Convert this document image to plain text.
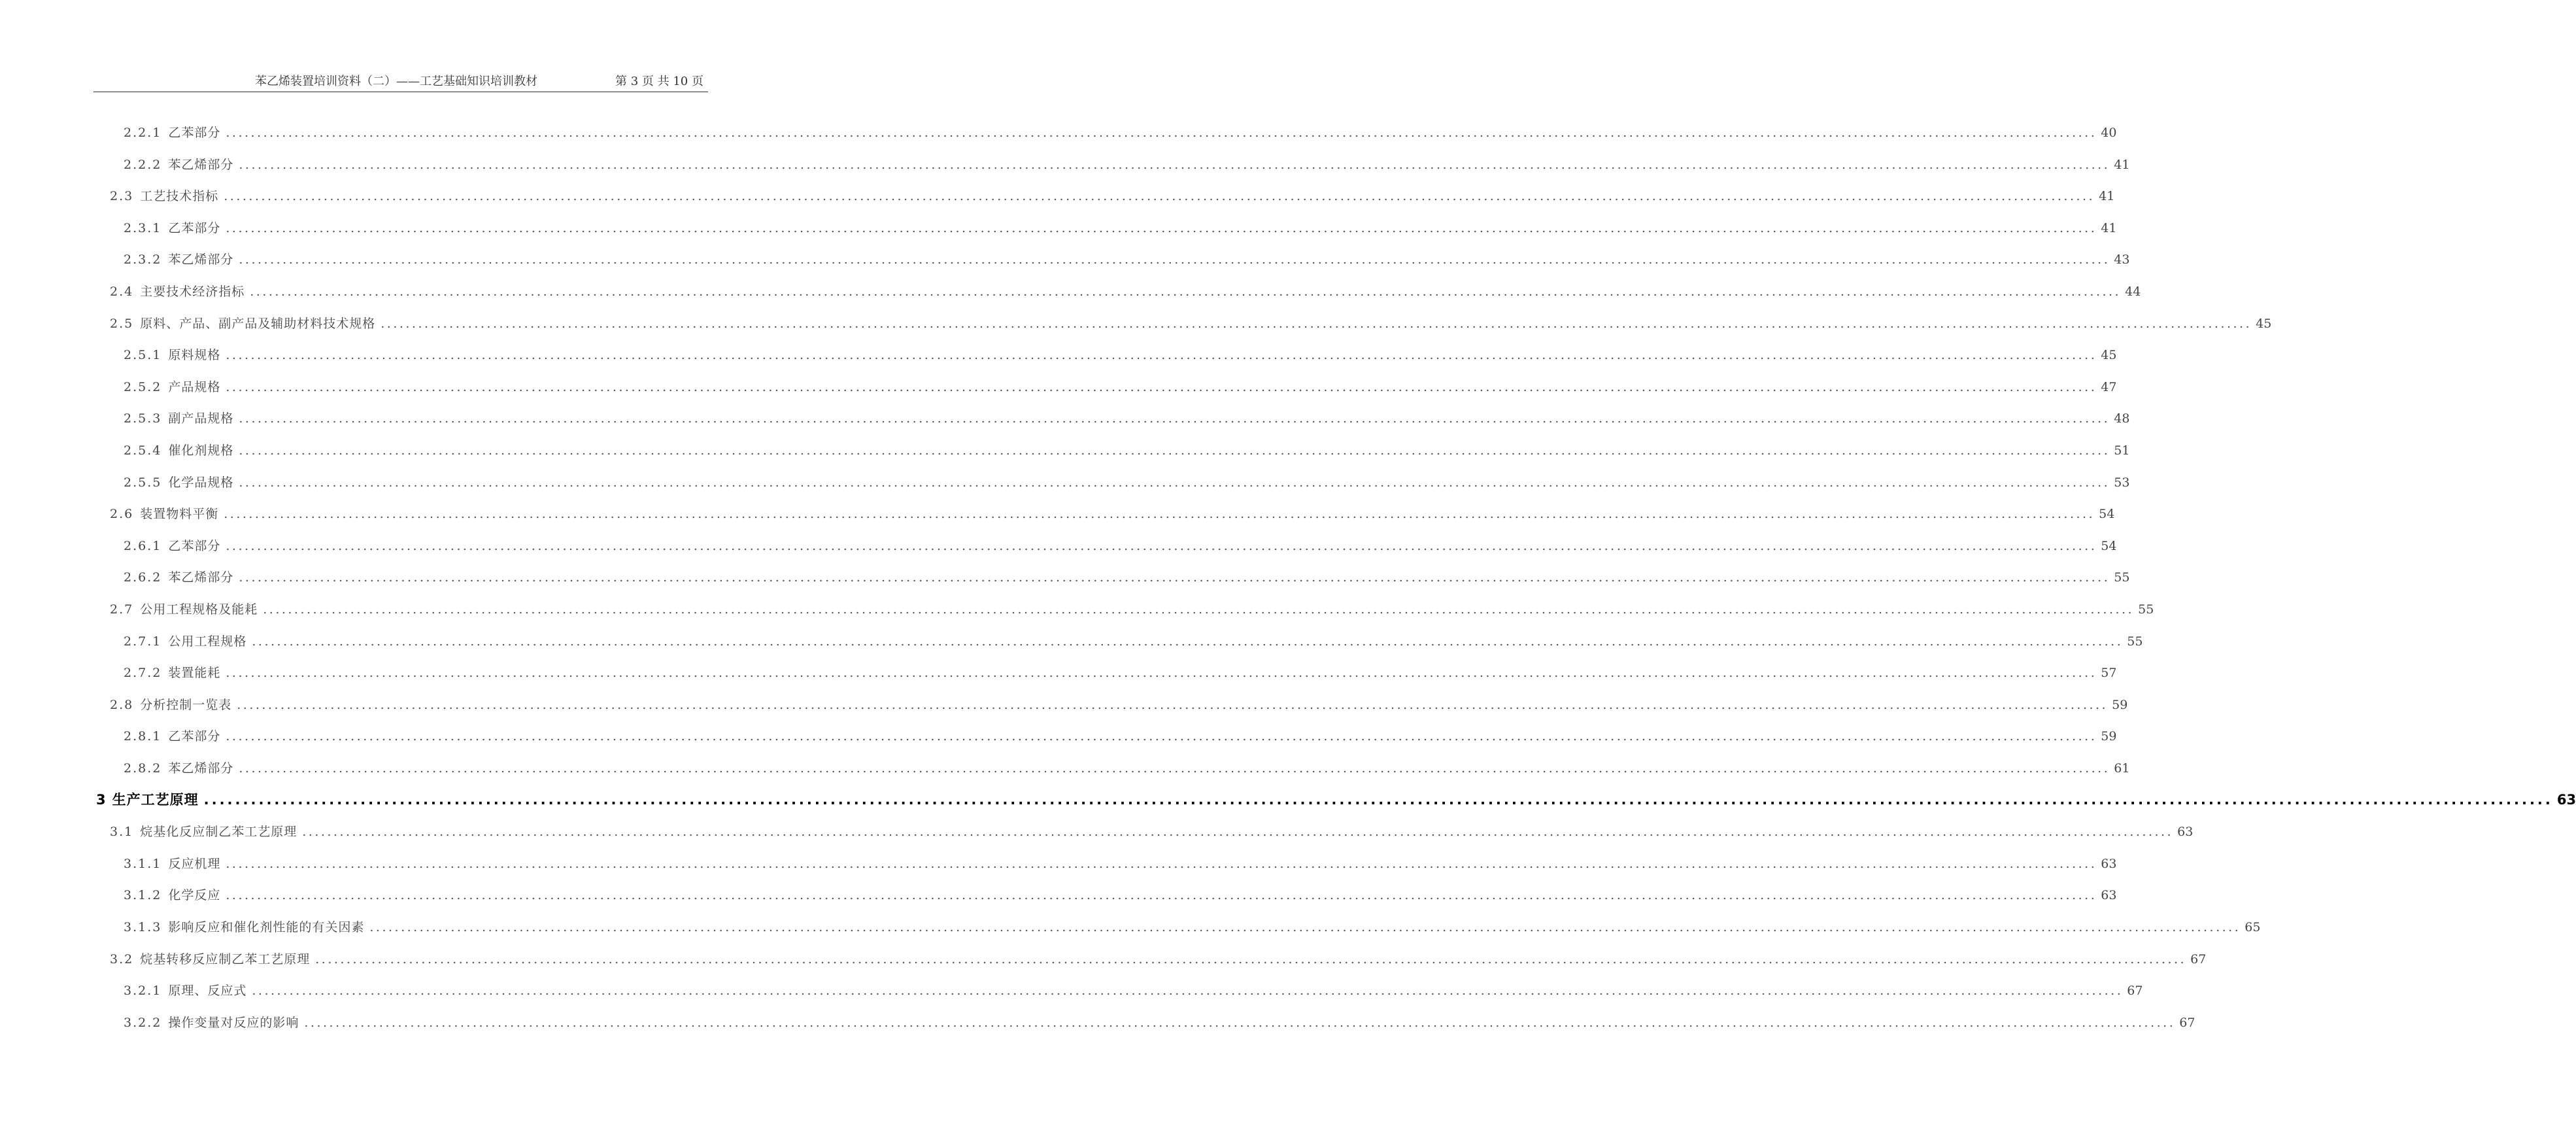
苯乙烯装置培训资料（二）——工艺基础知识培训教材	第 3 页 共 10 页
2.2.1 乙苯部分 ............................................................................................................................................................................................................................................................................................................ 40
2.2.2 苯乙烯部分 ............................................................................................................................................................................................................................................................................................................ 41
2.3 工艺技术指标 ............................................................................................................................................................................................................................................................................................................ 41
2.3.1 乙苯部分 ............................................................................................................................................................................................................................................................................................................ 41
2.3.2 苯乙烯部分 ............................................................................................................................................................................................................................................................................................................ 43
2.4 主要技术经济指标 ............................................................................................................................................................................................................................................................................................................ 44
2.5 原料、产品、副产品及辅助材料技术规格 ............................................................................................................................................................................................................................................................................................................ 45
2.5.1 原料规格 ............................................................................................................................................................................................................................................................................................................ 45
2.5.2 产品规格 ............................................................................................................................................................................................................................................................................................................ 47
2.5.3 副产品规格 ............................................................................................................................................................................................................................................................................................................ 48
2.5.4 催化剂规格 ............................................................................................................................................................................................................................................................................................................ 51
2.5.5 化学品规格 ............................................................................................................................................................................................................................................................................................................ 53
2.6 装置物料平衡 ............................................................................................................................................................................................................................................................................................................ 54
2.6.1 乙苯部分 ............................................................................................................................................................................................................................................................................................................ 54
2.6.2 苯乙烯部分 ............................................................................................................................................................................................................................................................................................................ 55
2.7 公用工程规格及能耗 ............................................................................................................................................................................................................................................................................................................ 55
2.7.1 公用工程规格 ............................................................................................................................................................................................................................................................................................................ 55
2.7.2 装置能耗 ............................................................................................................................................................................................................................................................................................................ 57
2.8 分析控制一览表 ............................................................................................................................................................................................................................................................................................................ 59
2.8.1 乙苯部分 ............................................................................................................................................................................................................................................................................................................ 59
2.8.2 苯乙烯部分 ............................................................................................................................................................................................................................................................................................................ 61
3 生产工艺原理 ............................................................................................................................................................................................................................................................................................................ 63
3.1 烷基化反应制乙苯工艺原理 ............................................................................................................................................................................................................................................................................................................ 63
3.1.1 反应机理 ............................................................................................................................................................................................................................................................................................................ 63
3.1.2 化学反应 ............................................................................................................................................................................................................................................................................................................ 63
3.1.3 影响反应和催化剂性能的有关因素 ............................................................................................................................................................................................................................................................................................................ 65
3.2 烷基转移反应制乙苯工艺原理 ............................................................................................................................................................................................................................................................................................................ 67
3.2.1 原理、反应式 ............................................................................................................................................................................................................................................................................................................ 67
3.2.2 操作变量对反应的影响 ............................................................................................................................................................................................................................................................................................................ 67
